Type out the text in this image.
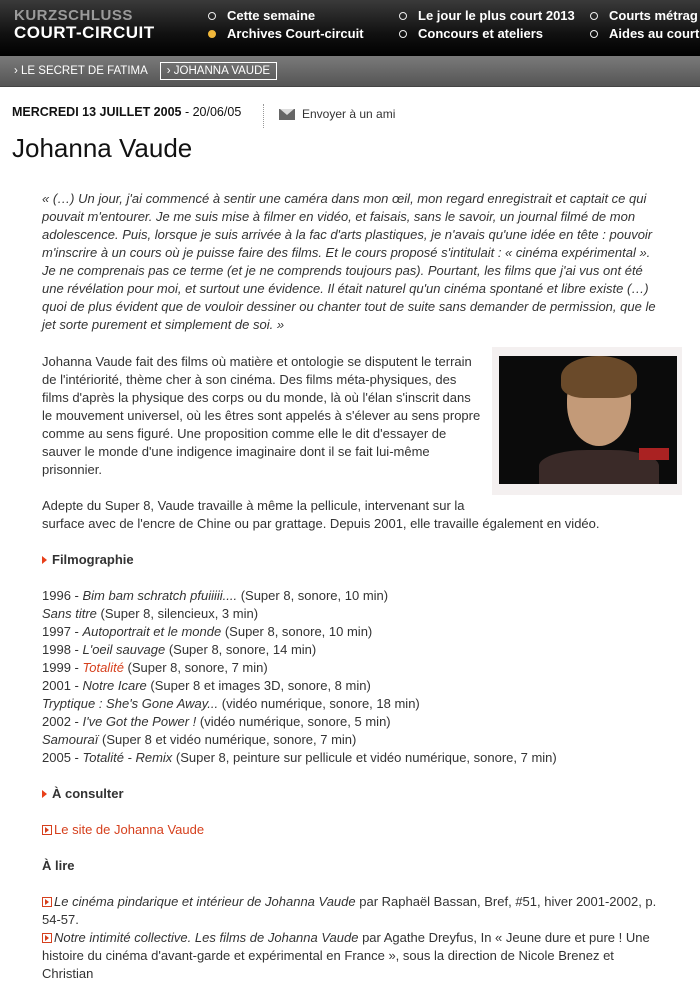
KURZSCHLUSS
COURT-CIRCUIT
Cette semaine
Archives Court-circuit
Le jour le plus court 2013
Concours et ateliers
Courts métrag
Aides au court
› LE SECRET DE FATIMA	› JOHANNA VAUDE
MERCREDI 13 JUILLET 2005 - 20/06/05	Envoyer à un ami
Johanna Vaude

« (…) Un jour, j'ai commencé à sentir une caméra dans mon œil, mon regard enregistrait et captait ce qui pouvait m'entourer. Je me suis mise à filmer en vidéo, et faisais, sans le savoir, un journal filmé de mon adolescence. Puis, lorsque je suis arrivée à la fac d'arts plastiques, je n'avais qu'une idée en tête : pouvoir m'inscrire à un cours où je puisse faire des films. Et le cours proposé s'intitulait : « cinéma expérimental ». Je ne comprenais pas ce terme (et je ne comprends toujours pas). Pourtant, les films que j'ai vus ont été une révélation pour moi, et surtout une évidence. Il était naturel qu'un cinéma spontané et libre existe (…) quoi de plus évident que de vouloir dessiner ou chanter tout de suite sans demander de permission, que le jet sorte purement et simplement de soi. »

Johanna Vaude fait des films où matière et ontologie se disputent le terrain de l'intériorité, thème cher à son cinéma. Des films méta-physiques, des films d'après la physique des corps ou du monde, là où l'élan s'inscrit dans le mouvement universel, où les êtres sont appelés à s'élever au sens propre comme au sens figuré. Une proposition comme elle le dit d'essayer de sauver le monde d'une indigence imaginaire dont il se fait lui-même prisonnier.

Adepte du Super 8, Vaude travaille à même la pellicule, intervenant sur la surface avec de l'encre de Chine ou par grattage. Depuis 2001, elle travaille également en vidéo.

Filmographie
1996 - Bim bam schratch pfuiiiii.... (Super 8, sonore, 10 min)
Sans titre (Super 8, silencieux, 3 min)
1997 - Autoportrait et le monde (Super 8, sonore, 10 min)
1998 - L'oeil sauvage (Super 8, sonore, 14 min)
1999 - Totalité (Super 8, sonore, 7 min)
2001 - Notre Icare (Super 8 et images 3D, sonore, 8 min)
Tryptique : She's Gone Away... (vidéo numérique, sonore, 18 min)
2002 - I've Got the Power ! (vidéo numérique, sonore, 5 min)
Samouraï (Super 8 et vidéo numérique, sonore, 7 min)
2005 - Totalité - Remix (Super 8, peinture sur pellicule et vidéo numérique, sonore, 7 min)
À consulter

Le site de Johanna Vaude

À lire
Le cinéma pindarique et intérieur de Johanna Vaude par Raphaël Bassan, Bref, #51, hiver 2001-2002, p. 54-57.
Notre intimité collective. Les films de Johanna Vaude par Agathe Dreyfus, In « Jeune dure et pure ! Une histoire du cinéma d'avant-garde et expérimental en France », sous la direction de Nicole Brenez et Christian
